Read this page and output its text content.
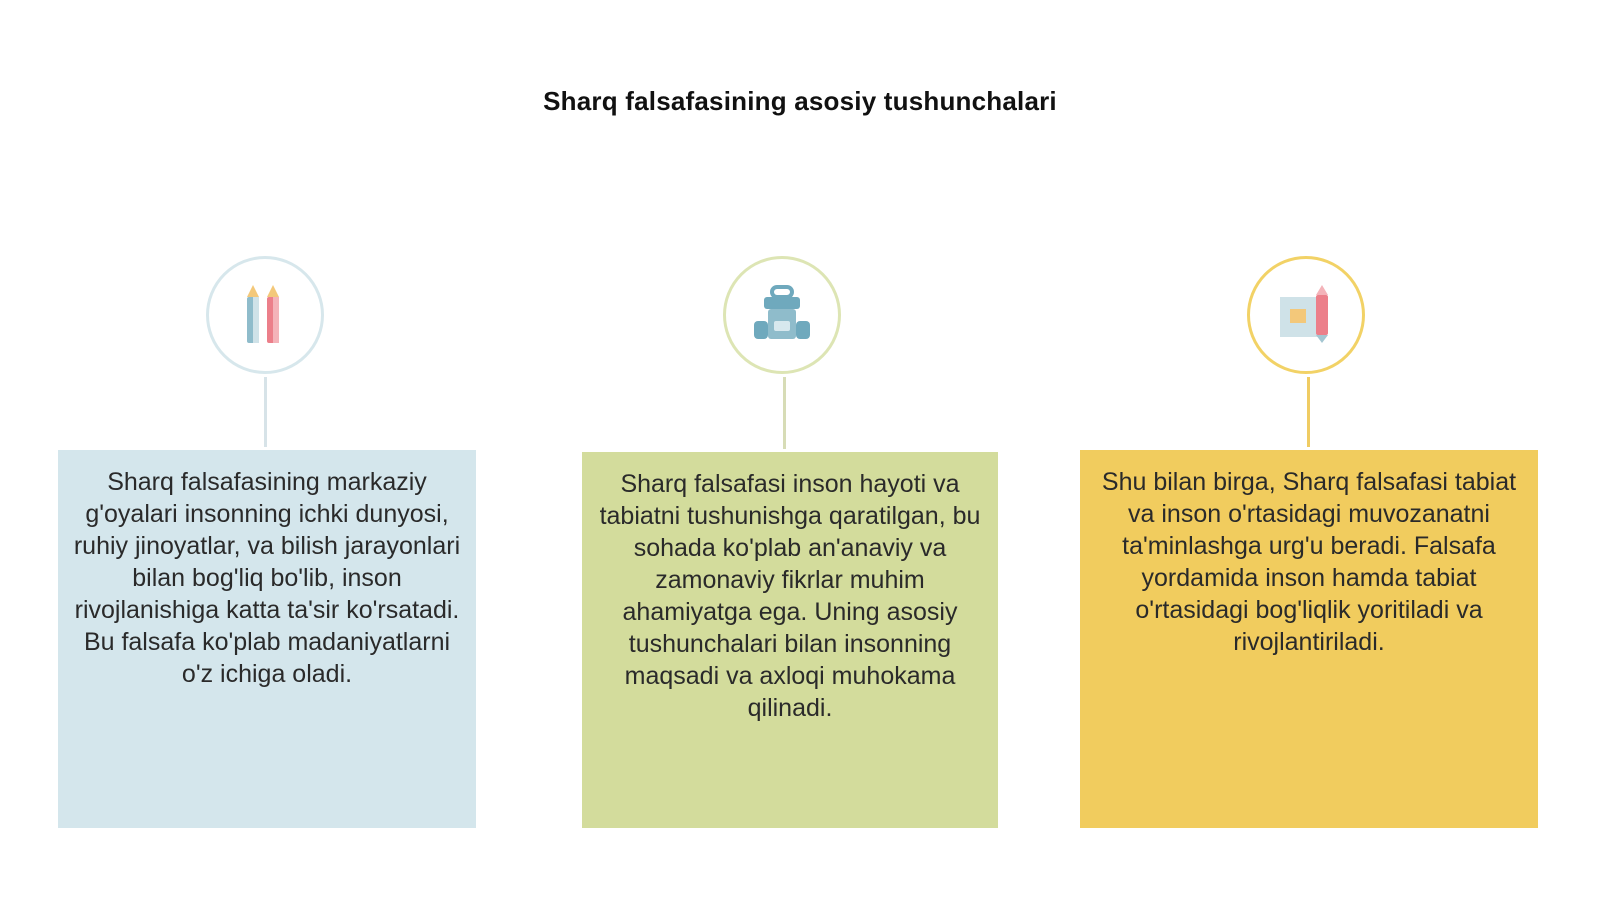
Sharq falsafasining asosiy tushunchalari
Sharq falsafasining markaziy g'oyalari insonning ichki dunyosi, ruhiy jinoyatlar, va bilish jarayonlari bilan bog'liq bo'lib, inson rivojlanishiga katta ta'sir ko'rsatadi. Bu falsafa ko'plab madaniyatlarni o'z ichiga oladi.
Sharq falsafasi inson hayoti va tabiatni tushunishga qaratilgan, bu sohada ko'plab an'anaviy va zamonaviy fikrlar muhim ahamiyatga ega. Uning asosiy tushunchalari bilan insonning maqsadi va axloqi muhokama qilinadi.
Shu bilan birga, Sharq falsafasi tabiat va inson o'rtasidagi muvozanatni ta'minlashga urg'u beradi. Falsafa yordamida inson hamda tabiat o'rtasidagi bog'liqlik yoritiladi va rivojlantiriladi.
